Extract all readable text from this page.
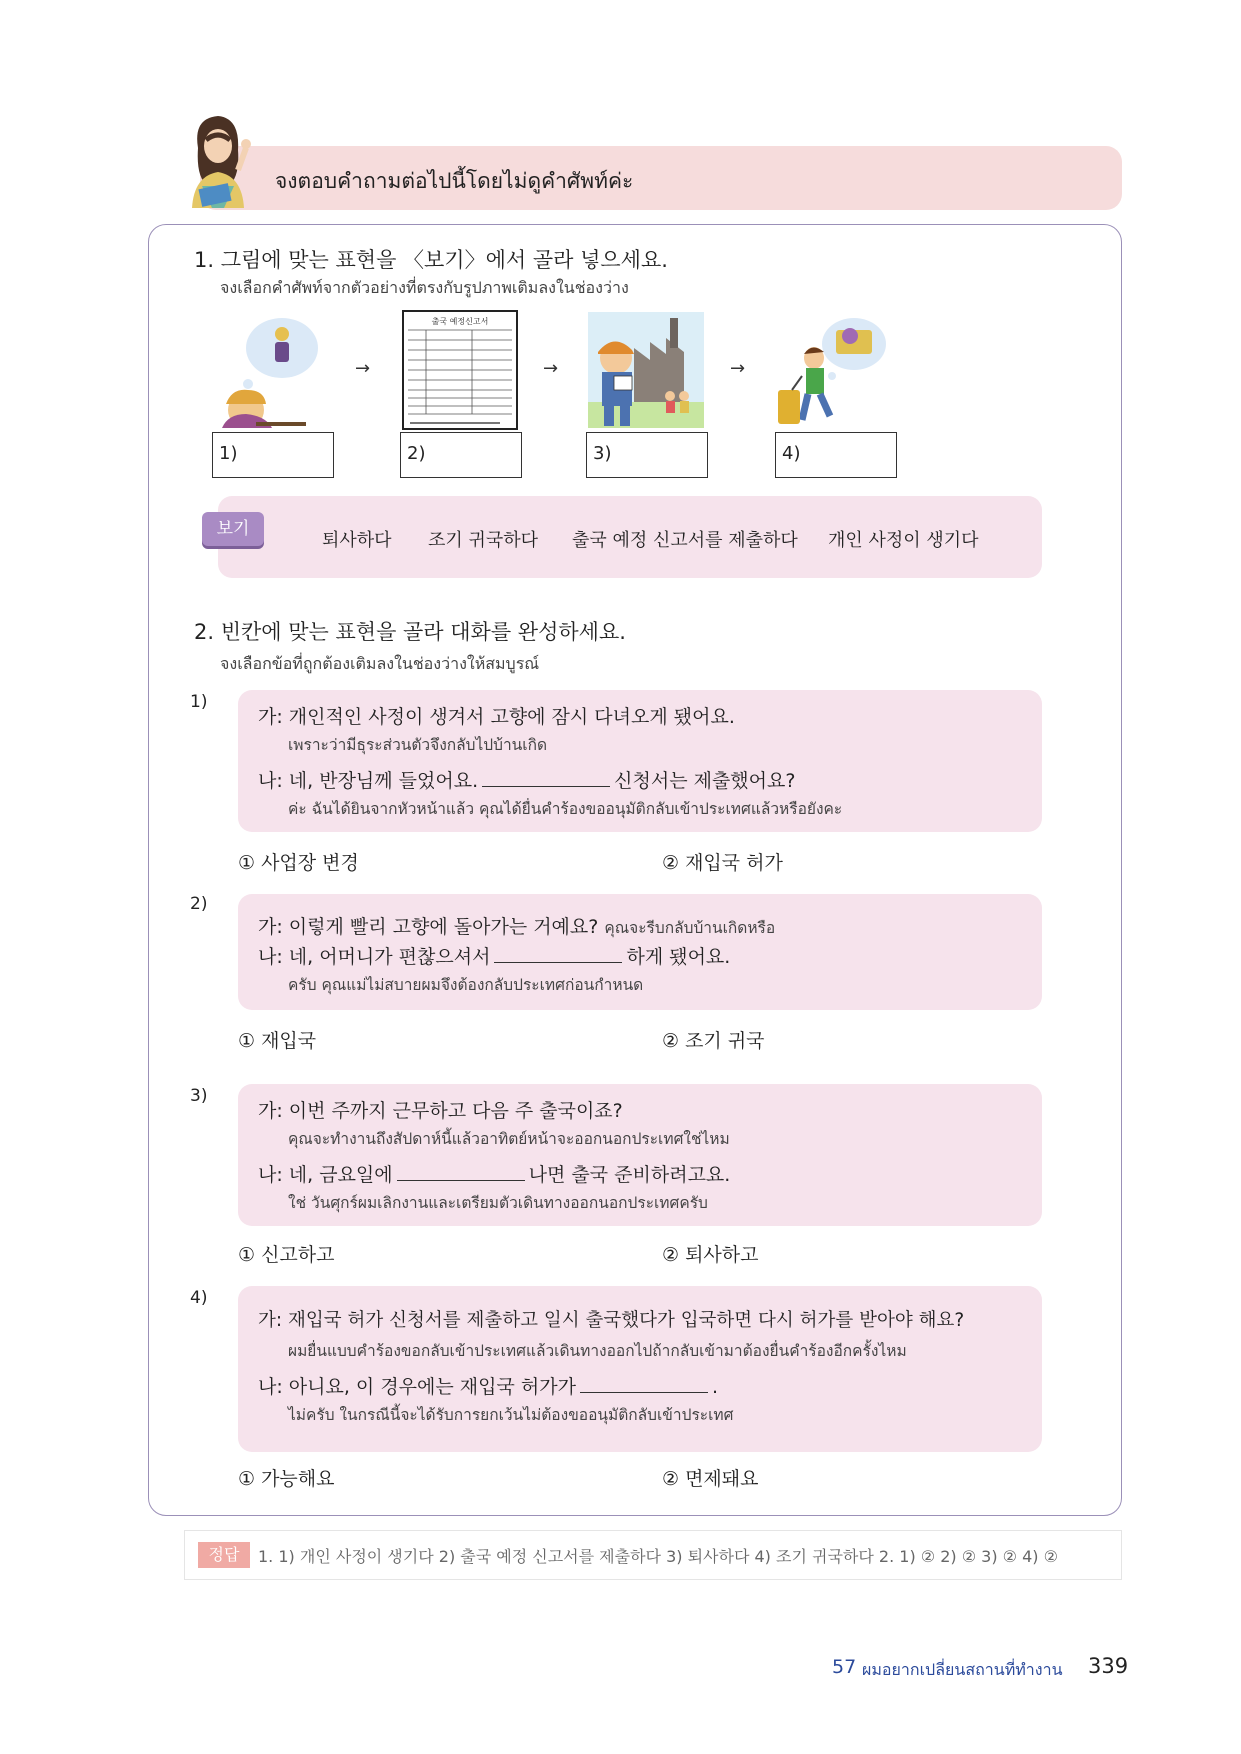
จงตอบคำถามต่อไปนี้โดยไม่ดูคำศัพท์ค่ะ
1. 그림에 맞는 표현을 〈보기〉에서 골라 넣으세요.
จงเลือกคำศัพท์จากตัวอย่างที่ตรงกับรูปภาพเติมลงในช่องว่าง
→
출국 예정신고서
→	→
1)	2)	3)	4)
보기
퇴사하다 조기 귀국하다 출국 예정 신고서를 제출하다 개인 사정이 생기다
2. 빈칸에 맞는 표현을 골라 대화를 완성하세요.
จงเลือกข้อที่ถูกต้องเติมลงในช่องว่างให้สมบูรณ์
1)
가: 개인적인 사정이 생겨서 고향에 잠시 다녀오게 됐어요.
เพราะว่ามีธุระส่วนตัวจึงกลับไปบ้านเกิด
나: 네, 반장님께 들었어요.	신청서는 제출했어요?
ค่ะ ฉันได้ยินจากหัวหน้าแล้ว คุณได้ยื่นคำร้องขออนุมัติกลับเข้าประเทศแล้วหรือยังคะ
① 사업장 변경	② 재입국 허가
2)
가: 이렇게 빨리 고향에 돌아가는 거예요? คุณจะรีบกลับบ้านเกิดหรือ
나: 네, 어머니가 편찮으셔서	하게 됐어요.
ครับ คุณแม่ไม่สบายผมจึงต้องกลับประเทศก่อนกำหนด
① 재입국	② 조기 귀국
3)
가: 이번 주까지 근무하고 다음 주 출국이죠?
คุณจะทำงานถึงสัปดาห์นี้แล้วอาทิตย์หน้าจะออกนอกประเทศใช่ไหม
나: 네, 금요일에	나면 출국 준비하려고요.
ใช่ วันศุกร์ผมเลิกงานและเตรียมตัวเดินทางออกนอกประเทศครับ
① 신고하고	② 퇴사하고
4)
가: 재입국 허가 신청서를 제출하고 일시 출국했다가 입국하면 다시 허가를 받아야 해요?
ผมยื่นแบบคำร้องขอกลับเข้าประเทศแล้วเดินทางออกไปถ้ากลับเข้ามาต้องยื่นคำร้องอีกครั้งไหม
나: 아니요, 이 경우에는 재입국 허가가	.
ไม่ครับ ในกรณีนี้จะได้รับการยกเว้นไม่ต้องขออนุมัติกลับเข้าประเทศ
① 가능해요	② 면제돼요
정답	1. 1) 개인 사정이 생기다 2) 출국 예정 신고서를 제출하다 3) 퇴사하다 4) 조기 귀국하다 2. 1) ② 2) ② 3) ② 4) ②
57 ผมอยากเปลี่ยนสถานที่ทำงาน 339
